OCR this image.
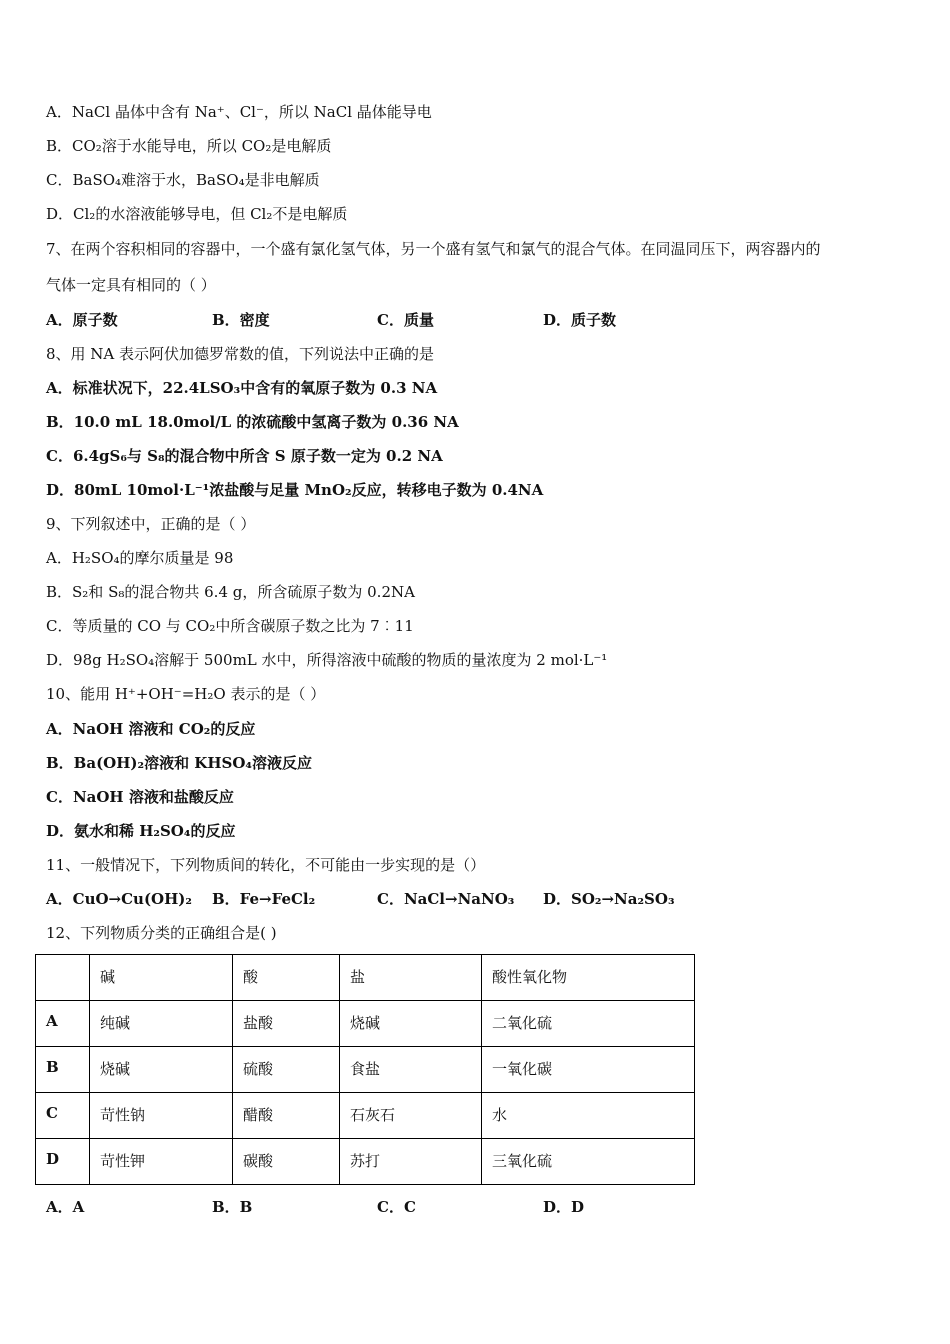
A．NaCl 晶体中含有 Na⁺、Cl⁻，所以 NaCl 晶体能导电
B．CO₂溶于水能导电，所以 CO₂是电解质
C．BaSO₄难溶于水，BaSO₄是非电解质
D．Cl₂的水溶液能够导电，但 Cl₂不是电解质
7、在两个容积相同的容器中，一个盛有氯化氢气体，另一个盛有氢气和氯气的混合气体。在同温同压下，两容器内的
气体一定具有相同的（ ）
A．原子数	B．密度	C．质量	D．质子数
8、用 NA 表示阿伏加德罗常数的值，下列说法中正确的是
A．标准状况下，22.4LSO₃中含有的氧原子数为 0.3 NA
B．10.0 mL 18.0mol/L 的浓硫酸中氢离子数为 0.36 NA
C．6.4gS₆与 S₈的混合物中所含 S 原子数一定为 0.2 NA
D．80mL 10mol·L⁻¹浓盐酸与足量 MnO₂反应，转移电子数为 0.4NA
9、下列叙述中，正确的是（ ）
A．H₂SO₄的摩尔质量是 98
B．S₂和 S₈的混合物共 6.4 g，所含硫原子数为 0.2NA
C．等质量的 CO 与 CO₂中所含碳原子数之比为 7︰11
D．98g H₂SO₄溶解于 500mL 水中，所得溶液中硫酸的物质的量浓度为 2 mol·L⁻¹
10、能用 H⁺+OH⁻=H₂O 表示的是（ ）
A．NaOH 溶液和 CO₂的反应
B．Ba(OH)₂溶液和 KHSO₄溶液反应
C．NaOH 溶液和盐酸反应
D．氨水和稀 H₂SO₄的反应
11、一般情况下，下列物质间的转化，不可能由一步实现的是（）
A．CuO→Cu(OH)₂ B．Fe→FeCl₂	C．NaCl→NaNO₃ D．SO₂→Na₂SO₃
12、下列物质分类的正确组合是( )
	碱	酸	盐	酸性氧化物
A	纯碱	盐酸	烧碱	二氧化硫
B	烧碱	硫酸	食盐	一氧化碳
C	苛性钠	醋酸	石灰石	水
D	苛性钾	碳酸	苏打	三氧化硫
A．A	B．B	C．C	D．D
